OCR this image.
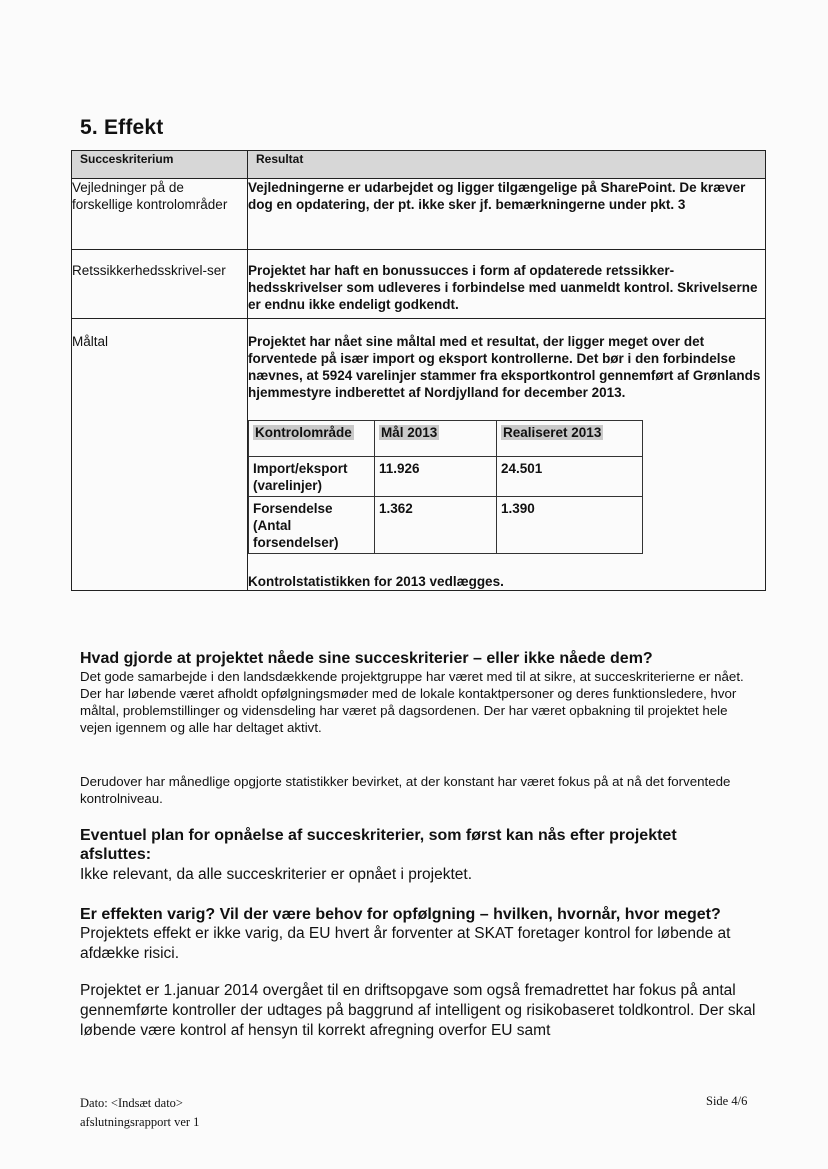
5. Effekt
Succeskriterium	Resultat
Vejledninger på de forskellige kontrolområder	Vejledningerne er udarbejdet og ligger tilgængelige på SharePoint. De kræver dog en opdatering, der pt. ikke sker jf. bemærkningerne under pkt. 3
Retssikkerhedsskrivel-ser	Projektet har haft en bonussucces i form af opdaterede retssikker-hedsskrivelser som udleveres i forbindelse med uanmeldt kontrol. Skrivelserne er endnu ikke endeligt godkendt.
Måltal	Projektet har nået sine måltal med et resultat, der ligger meget over det forventede på især import og eksport kontrollerne. Det bør i den forbindelse nævnes, at 5924 varelinjer stammer fra eksportkontrol gennemført af Grønlands hjemmestyre indberettet af Nordjylland for december 2013.
Kontrolområde	Mål 2013	Realiseret 2013
Import/eksport (varelinjer)	11.926	24.501
Forsendelse (Antal forsendelser)	1.362	1.390
Kontrolstatistikken for 2013 vedlægges.
Hvad gjorde at projektet nåede sine succeskriterier – eller ikke nåede dem?

Det gode samarbejde i den landsdækkende projektgruppe har været med til at sikre, at succeskriterierne er nået. Der har løbende været afholdt opfølgningsmøder med de lokale kontaktpersoner og deres funktionsledere, hvor måltal, problemstillinger og vidensdeling har været på dagsordenen. Der har været opbakning til projektet hele vejen igennem og alle har deltaget aktivt.

Derudover har månedlige opgjorte statistikker bevirket, at der konstant har været fokus på at nå det forventede kontrolniveau.

Eventuel plan for opnåelse af succeskriterier, som først kan nås efter projektet afsluttes:

Ikke relevant, da alle succeskriterier er opnået i projektet.

Er effekten varig? Vil der være behov for opfølgning – hvilken, hvornår, hvor meget?

Projektets effekt er ikke varig, da EU hvert år forventer at SKAT foretager kontrol for løbende at afdække risici.

Projektet er 1.januar 2014 overgået til en driftsopgave som også fremadrettet har fokus på antal gennemførte kontroller der udtages på baggrund af intelligent og risikobaseret toldkontrol. Der skal løbende være kontrol af hensyn til korrekt afregning overfor EU samt

Dato: <Indsæt dato>
afslutningsrapport ver 1
Side 4/6
